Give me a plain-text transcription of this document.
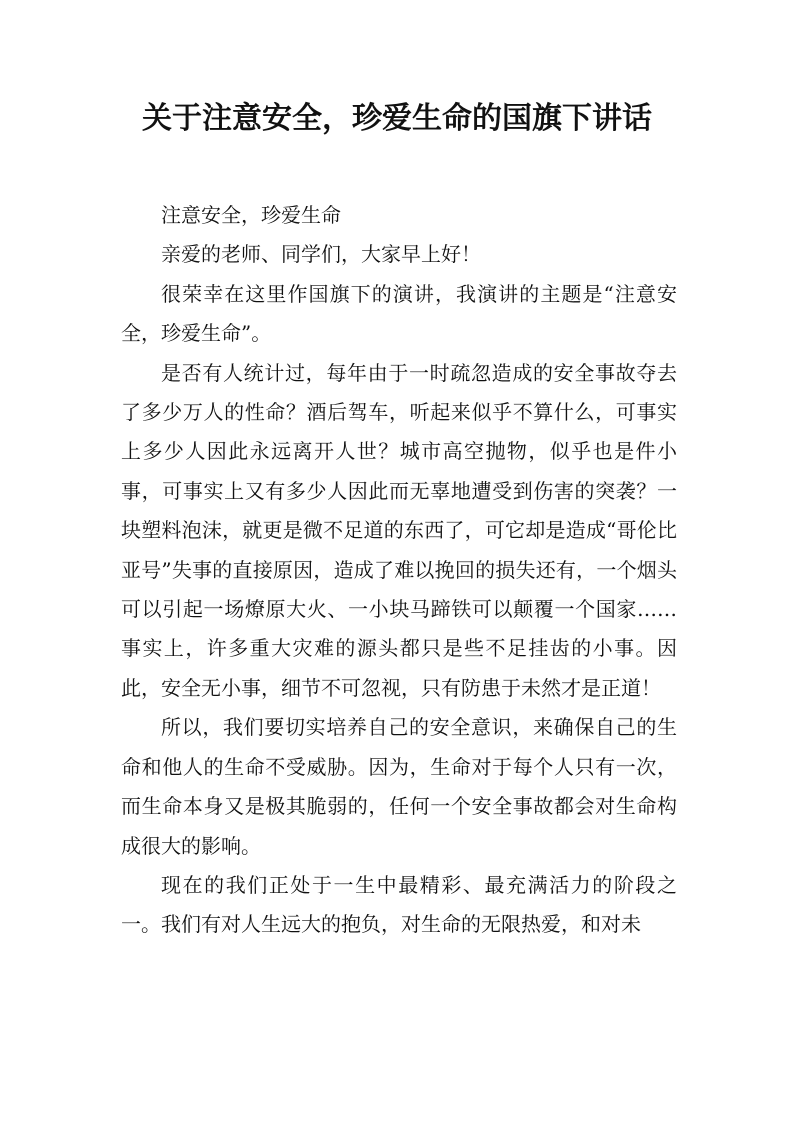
关于注意安全，珍爱生命的国旗下讲话

注意安全，珍爱生命

亲爱的老师、同学们，大家早上好！

很荣幸在这里作国旗下的演讲，我演讲的主题是“注意安全，珍爱生命”。

是否有人统计过，每年由于一时疏忽造成的安全事故夺去了多少万人的性命？酒后驾车，听起来似乎不算什么，可事实上多少人因此永远离开人世？城市高空抛物，似乎也是件小事，可事实上又有多少人因此而无辜地遭受到伤害的突袭？一块塑料泡沫，就更是微不足道的东西了，可它却是造成“哥伦比亚号”失事的直接原因，造成了难以挽回的损失还有，一个烟头可以引起一场燎原大火、一小块马蹄铁可以颠覆一个国家……事实上，许多重大灾难的源头都只是些不足挂齿的小事。因此，安全无小事，细节不可忽视，只有防患于未然才是正道！

所以，我们要切实培养自己的安全意识，来确保自己的生命和他人的生命不受威胁。因为，生命对于每个人只有一次，而生命本身又是极其脆弱的，任何一个安全事故都会对生命构成很大的影响。

现在的我们正处于一生中最精彩、最充满活力的阶段之一。我们有对人生远大的抱负，对生命的无限热爱，和对未
